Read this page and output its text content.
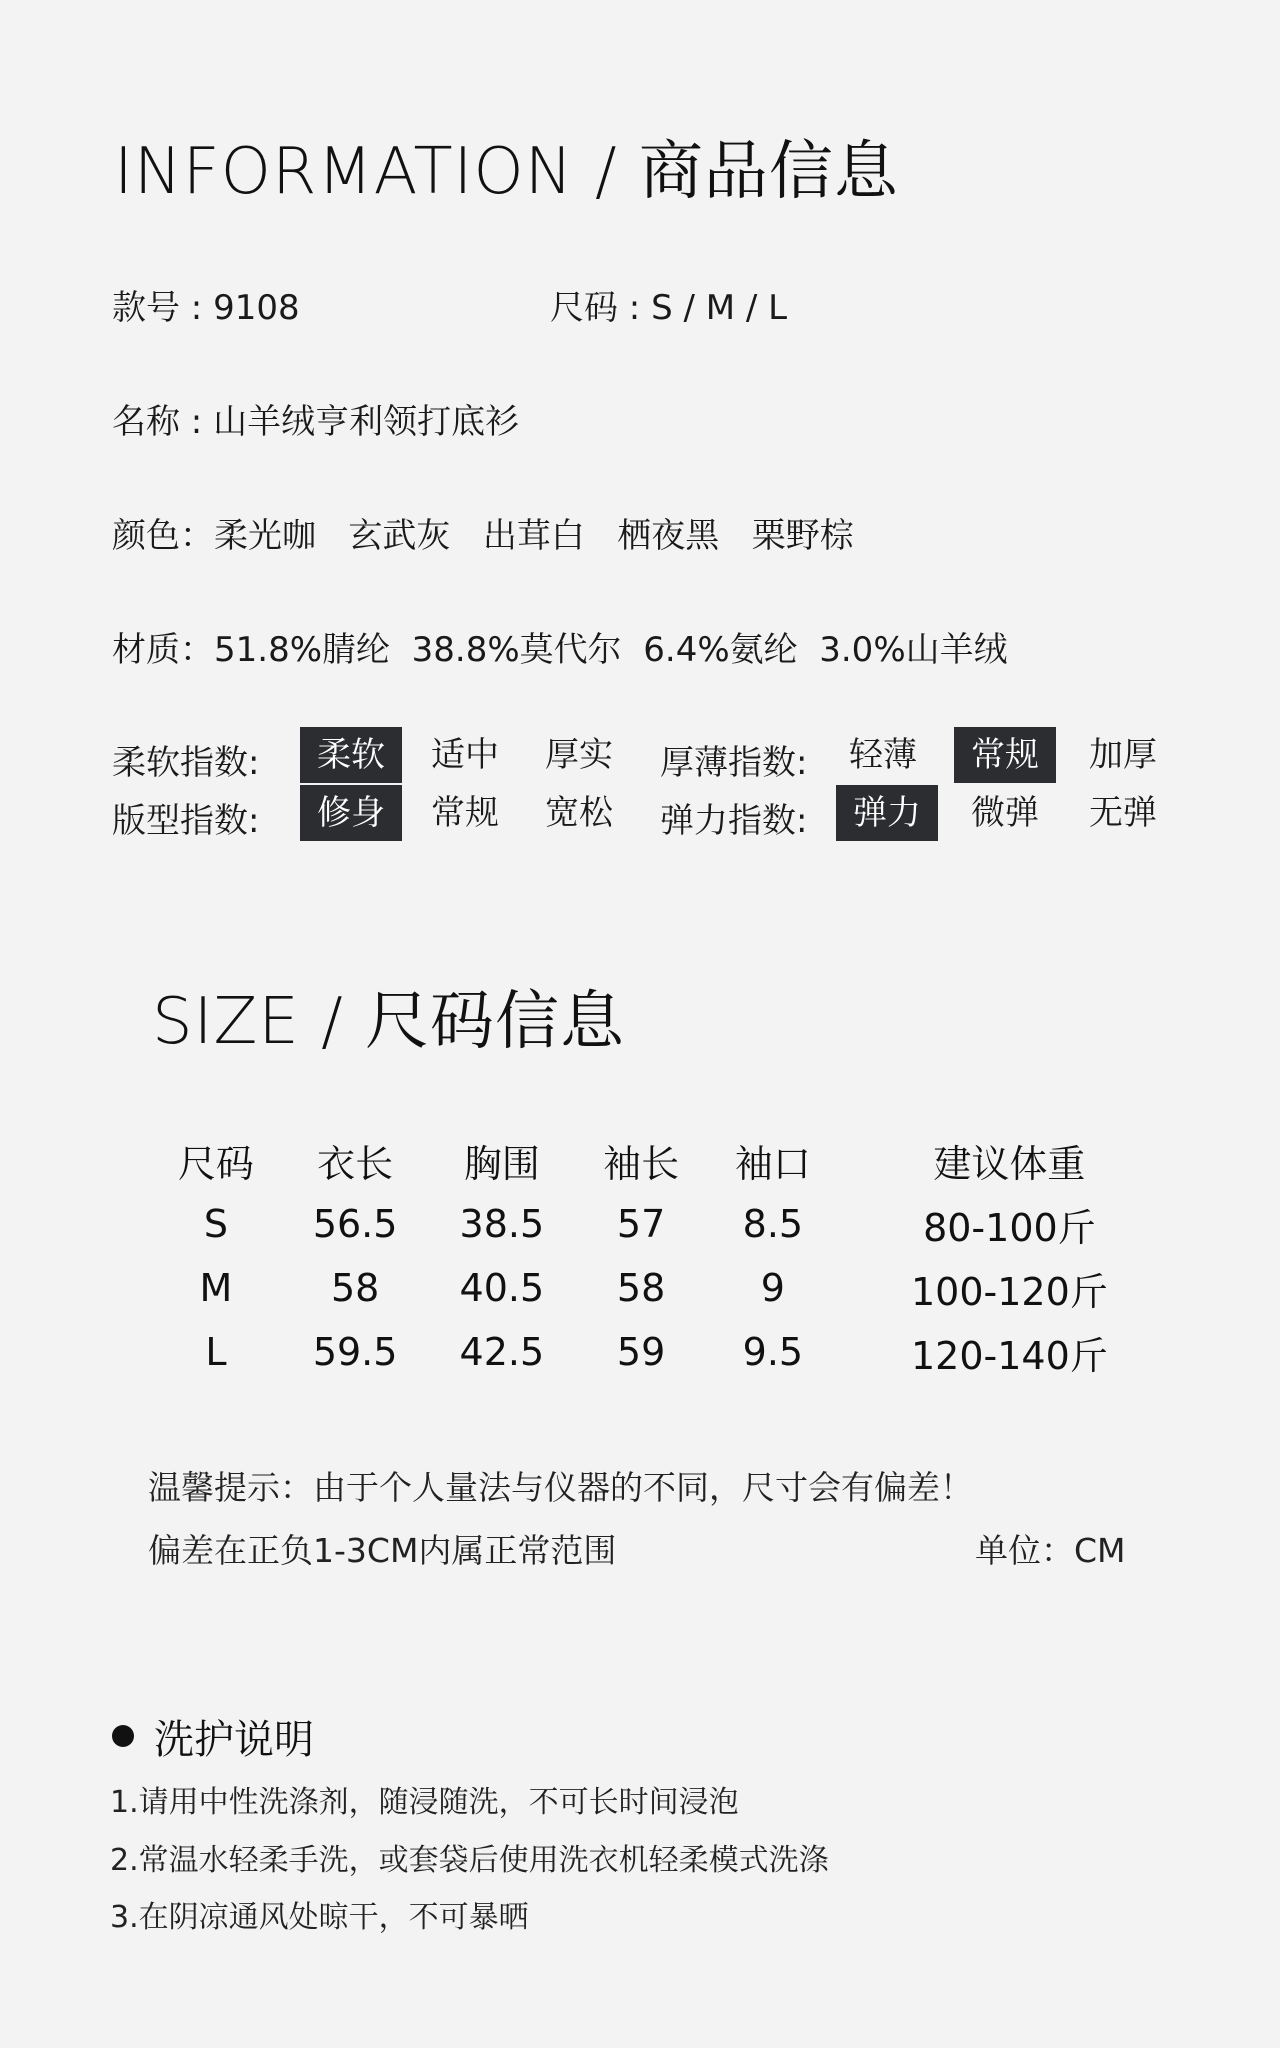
INFORMATION / 商品信息
款号 : 9108	尺码 : S / M / L
名称 : 山羊绒亨利领打底衫
颜色：柔光咖   玄武灰   出茸白   栖夜黑   栗野棕
材质：51.8%腈纶  38.8%莫代尔  6.4%氨纶  3.0%山羊绒
柔软指数:	柔软	适中	厚实	厚薄指数:	轻薄	常规	加厚
版型指数:	修身	常规	宽松	弹力指数:	弹力	微弹	无弹
SIZE / 尺码信息
尺码	衣长	胸围	袖长	袖口	建议体重
S	56.5	38.5	57	8.5	80-100斤
M	58	40.5	58	9	100-120斤
L	59.5	42.5	59	9.5	120-140斤
温馨提示：由于个人量法与仪器的不同，尺寸会有偏差！
偏差在正负1-3CM内属正常范围	单位：CM
洗护说明
1.请用中性洗涤剂，随浸随洗，不可长时间浸泡
2.常温水轻柔手洗，或套袋后使用洗衣机轻柔模式洗涤
3.在阴凉通风处晾干，不可暴晒
